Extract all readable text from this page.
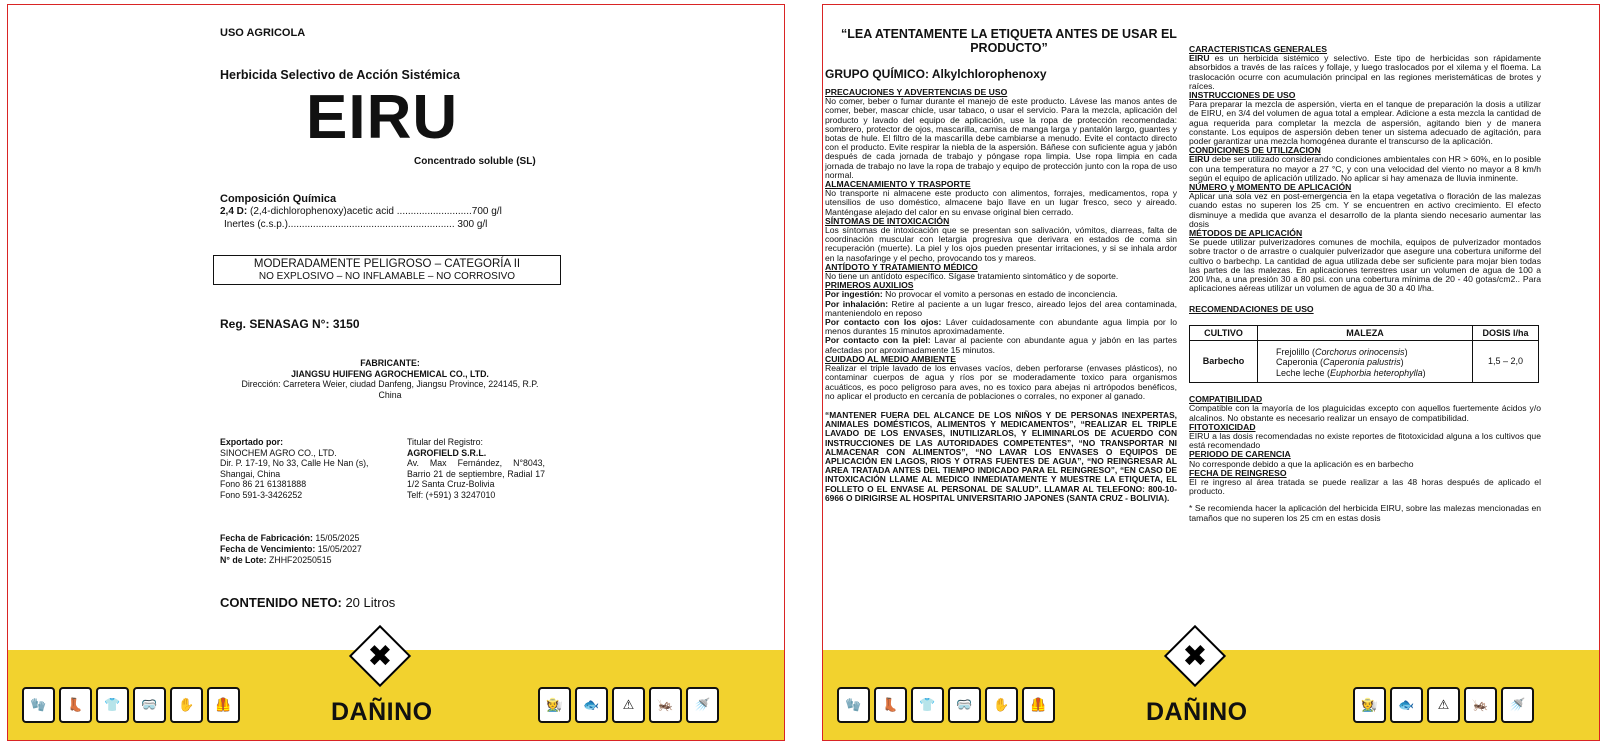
USO AGRICOLA
Herbicida Selectivo de Acción Sistémica
EIRU
Concentrado soluble (SL)
Composición Química
2,4 D: (2,4-dichlorophenoxy)acetic acid ...........................700 g/l
Inertes (c.s.p.)............................................................ 300 g/l
MODERADAMENTE PELIGROSO – CATEGORÍA II
NO EXPLOSIVO – NO INFLAMABLE – NO CORROSIVO
Reg. SENASAG N°: 3150
FABRICANTE:
JIANGSU HUIFENG AGROCHEMICAL CO., LTD.
Dirección: Carretera Weier, ciudad Danfeng, Jiangsu Province, 224145, R.P. China
Exportado por:
SINOCHEM AGRO CO., LTD.
Dir. P. 17-19, No 33, Calle He Nan (s),
Shangai, China
Fono 86 21 61381888
Fono 591-3-3426252
Titular del Registro:
AGROFIELD S.R.L.
Av. Max Fernández, N°8043, Barrio 21 de septiembre, Radial 17 1/2 Santa Cruz-Bolivia
Telf: (+591) 3 3247010
Fecha de Fabricación: 15/05/2025
Fecha de Vencimiento: 15/05/2027
N° de Lote: ZHHF20250515
CONTENIDO NETO: 20 Litros
🧤	👢	👕	🥽	✋	🦺	DAÑINO	🧑‍🌾	🐟	⚠	🦗	🚿
✖
“LEA ATENTAMENTE LA ETIQUETA ANTES DE USAR EL PRODUCTO”
GRUPO QUÍMICO: Alkylchlorophenoxy
PRECAUCIONES Y ADVERTENCIAS DE USO
No comer, beber o fumar durante el manejo de este producto. Lávese las manos antes de comer, beber, mascar chicle, usar tabaco, o usar el servicio. Para la mezcla, aplicación del producto y lavado del equipo de aplicación, use la ropa de protección recomendada: sombrero, protector de ojos, mascarilla, camisa de manga larga y pantalón largo, guantes y botas de hule. El filtro de la mascarilla debe cambiarse a menudo. Evite el contacto directo con el producto. Evite respirar la niebla de la aspersión. Báñese con suficiente agua y jabón después de cada jornada de trabajo y póngase ropa limpia. Use ropa limpia en cada jornada de trabajo no lave la ropa de trabajo y equipo de protección junto con la ropa de uso normal.
ALMACENAMIENTO Y TRASPORTE
No transporte ni almacene este producto con alimentos, forrajes, medicamentos, ropa y utensilios de uso doméstico, almacene bajo llave en un lugar fresco, seco y aireado. Manténgase alejado del calor en su envase original bien cerrado.
SÍNTOMAS DE INTOXICACIÓN
Los síntomas de intoxicación que se presentan son salivación, vómitos, diarreas, falta de coordinación muscular con letargia progresiva que derivara en estados de coma sin recuperación (muerte). La piel y los ojos pueden presentar irritaciones, y si se inhala ardor en la nasofaringe y el pecho, provocando tos y mareos.
ANTÍDOTO Y TRATAMIENTO MÉDICO
No tiene un antídoto específico. Sígase tratamiento sintomático y de soporte.
PRIMEROS AUXILIOS
Por ingestión: No provocar el vomito a personas en estado de inconciencia.
Por inhalación: Retire al paciente a un lugar fresco, aireado lejos del area contaminada, manteniendolo en reposo
Por contacto con los ojos: Láver cuidadosamente con abundante agua limpia por lo menos durantes 15 minutos aproximadamente.
Por contacto con la piel: Lavar al paciente con abundante agua y jabón en las partes afectadas por aproximadamente 15 minutos.
CUIDADO AL MEDIO AMBIENTE
Realizar el triple lavado de los envases vacíos, deben perforarse (envases plásticos), no contaminar cuerpos de agua y ríos por se moderadamente toxico para organismos acuáticos, es poco peligroso para aves, no es toxico para abejas ni artrópodos benéficos, no aplicar el producto en cercanía de poblaciones o corrales, no exponer al ganado.
“MANTENER FUERA DEL ALCANCE DE LOS NIÑOS Y DE PERSONAS INEXPERTAS, ANIMALES DOMÉSTICOS, ALIMENTOS Y MEDICAMENTOS”, “REALIZAR EL TRIPLE LAVADO DE LOS ENVASES, INUTILIZARLOS, Y ELIMINARLOS DE ACUERDO CON INSTRUCCIONES DE LAS AUTORIDADES COMPETENTES”, “NO TRANSPORTAR NI ALMACENAR CON ALIMENTOS”, “NO LAVAR LOS ENVASES O EQUIPOS DE APLICACIÓN EN LAGOS, RIOS Y OTRAS FUENTES DE AGUA”, “NO REINGRESAR AL AREA TRATADA ANTES DEL TIEMPO INDICADO PARA EL REINGRESO”, “EN CASO DE INTOXICACIÓN LLAME AL MEDICO INMEDIATAMENTE Y MUESTRE LA ETIQUETA, EL FOLLETO O EL ENVASE AL PERSONAL DE SALUD”. LLAMAR AL TELEFONO: 800-10-6966 O DIRIGIRSE AL HOSPITAL UNIVERSITARIO JAPONES (SANTA CRUZ - BOLIVIA).
CARACTERISTICAS GENERALES
EIRU es un herbicida sistémico y selectivo. Este tipo de herbicidas son rápidamente absorbidos a través de las raíces y follaje, y luego traslocados por el xilema y el floema. La traslocación ocurre con acumulación principal en las regiones meristemáticas de brotes y raíces.
INSTRUCCIONES DE USO
Para preparar la mezcla de aspersión, vierta en el tanque de preparación la dosis a utilizar de EIRU, en 3/4 del volumen de agua total a emplear. Adicione a esta mezcla la cantidad de agua requerida para completar la mezcla de aspersión, agitando bien y de manera constante. Los equipos de aspersión deben tener un sistema adecuado de agitación, para poder garantizar una mezcla homogénea durante el transcurso de la aplicación.
CONDICIONES DE UTILIZACION
EIRU debe ser utilizado considerando condiciones ambientales con HR > 60%, en lo posible con una temperatura no mayor a 27 °C, y con una velocidad del viento no mayor a 8 km/h según el equipo de aplicación utilizado. No aplicar si hay amenaza de lluvia inminente.
NÚMERO y MOMENTO DE APLICACIÓN
Aplicar una sola vez en post-emergencia en la etapa vegetativa o floración de las malezas cuando estas no superen los 25 cm. Y se encuentren en activo crecimiento. El efecto disminuye a medida que avanza el desarrollo de la planta siendo necesario aumentar las dosis
MÉTODOS DE APLICACIÓN
Se puede utilizar pulverizadores comunes de mochila, equipos de pulverizador montados sobre tractor o de arrastre o cualquier pulverizador que asegure una cobertura uniforme del cultivo o barbechp. La cantidad de agua utilizada debe ser suficiente para mojar bien todas las partes de las malezas. En aplicaciones terrestres usar un volumen de agua de 100 a 200 l/ha, a una presión 30 a 80 psi. con una cobertura mínima de 20 - 40 gotas/cm2.. Para aplicaciones aéreas utilizar un volumen de agua de 30 a 40 l/ha.
RECOMENDACIONES DE USO
CULTIVO	MALEZA	DOSIS l/ha
Barbecho	Frejolillo (Corchorus orinocensis)
Caperonia (Caperonia palustris)
Leche leche (Euphorbia heterophylla)	1,5 – 2,0
COMPATIBILIDAD
Compatible con la mayoría de los plaguicidas excepto con aquellos fuertemente ácidos y/o alcalinos. No obstante es necesario realizar un ensayo de compatibilidad.
FITOTOXICIDAD
EIRU a las dosis recomendadas no existe reportes de fitotoxicidad alguna a los cultivos que está recomendado
PERIODO DE CARENCIA
No corresponde debido a que la aplicación es en barbecho
FECHA DE REINGRESO
El re ingreso al área tratada se puede realizar a las 48 horas después de aplicado el producto.
* Se recomienda hacer la aplicación del herbicida EIRU, sobre las malezas mencionadas en tamaños que no superen los 25 cm en estas dosis
🧤	👢	👕	🥽	✋	🦺	DAÑINO	🧑‍🌾	🐟	⚠	🦗	🚿
✖
